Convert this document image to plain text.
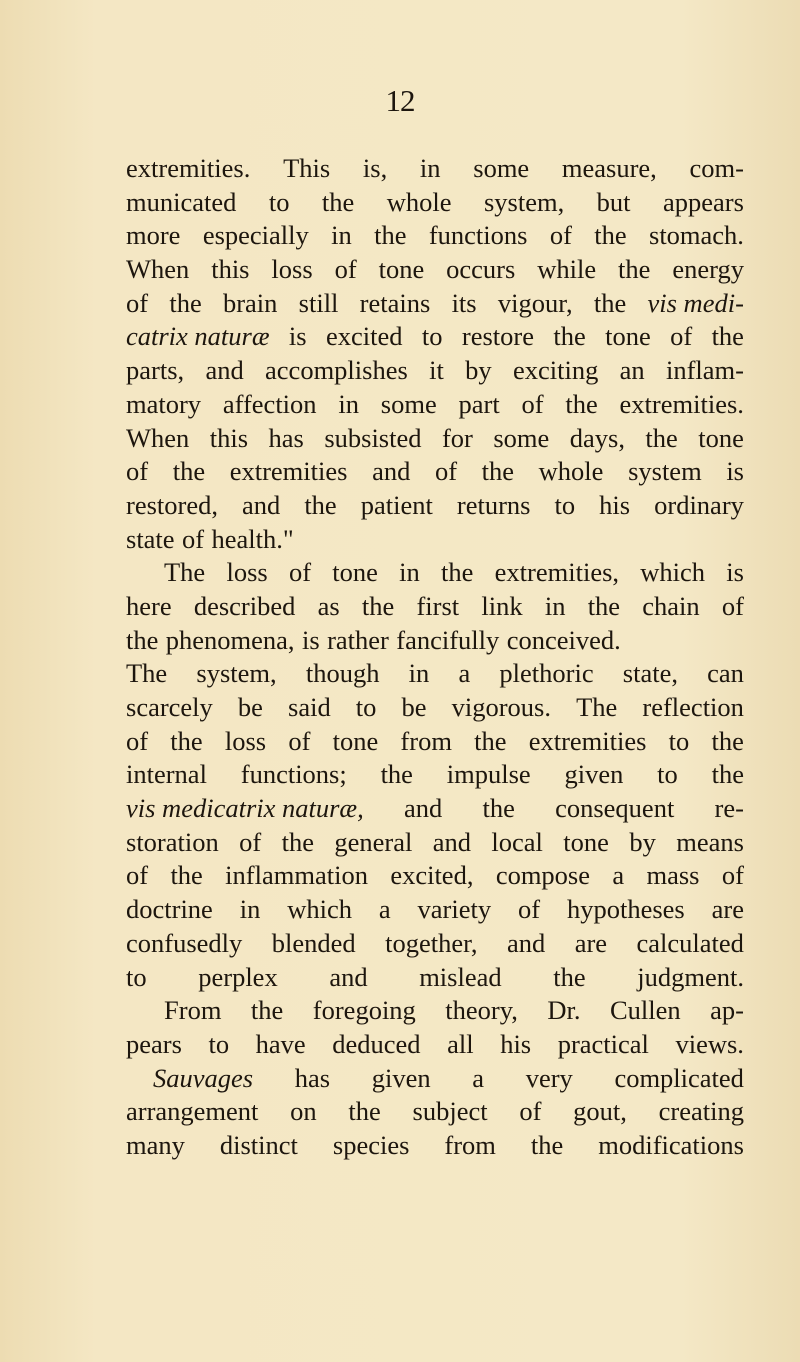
12
extremities. This is, in some measure, com-
municated to the whole system, but appears
more especially in the functions of the stomach.
When this loss of tone occurs while the energy
of the brain still retains its vigour, the vis medi-
catrix naturæ is excited to restore the tone of the
parts, and accomplishes it by exciting an inflam-
matory affection in some part of the extremities.
When this has subsisted for some days, the tone
of the extremities and of the whole system is
restored, and the patient returns to his ordinary
state of health."
The loss of tone in the extremities, which is
here described as the first link in the chain of
the phenomena, is rather fancifully conceived.
The system, though in a plethoric state, can
scarcely be said to be vigorous. The reflection
of the loss of tone from the extremities to the
internal functions; the impulse given to the
vis medicatrix naturæ, and the consequent re-
storation of the general and local tone by means
of the inflammation excited, compose a mass of
doctrine in which a variety of hypotheses are
confusedly blended together, and are calculated
to perplex and mislead the judgment.
From the foregoing theory, Dr. Cullen ap-
pears to have deduced all his practical views.
Sauvages has given a very complicated
arrangement on the subject of gout, creating
many distinct species from the modifications
